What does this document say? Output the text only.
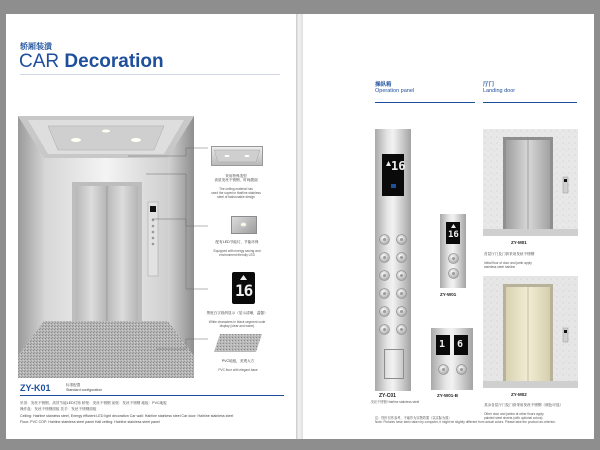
轿厢装潢
CAR Decoration

采用特殊造型
高质发丝不锈钢，时尚靓丽

The ceiling material has
used the superior Hairline stainless
steel of fashionable design

配有LED节能灯，节能环保

Equipped with energy saving and
environment friendly LED

16

黑底白字段码显示（显示清晰，温馨）

White characters in black segment code
display (clear and warm)

PVC地板，美观大方

PVC floor with elegant base

ZY-K01	标准配置
Standard configuration
吊顶：发丝不锈钢，高效节能LED灯饰 轿壁：发丝不锈钢 前壁：发丝不锈钢 地板：PVC地板
操作盘：发丝不锈钢面板 扶手：发丝不锈钢面板
Ceiling: Hairline stainless steel, Energy efficient LED light decoration Car wall: Hairline stainless steel Car door: Hairline stainless steel
Floor: PVC COP: Hairline stainless steel panel Hall ceiling: Hairline stainless steel panel
操纵箱
Operation panel
厅门
Landing door
16
ZY-C01
发丝不锈钢 Hairline stainless steel
16
ZY-W01
1 6
ZY-W01-B
ZY-M01

首层厅门及门套采用发丝不锈钢

Initial floor of door and jamb apply
stainless steel hairline

ZY-M02

其余各层厅门及门套采用发丝不锈钢（颜色可选）

Other door and jambs at other floors apply
painted steel sheets (with optional colors)

注：图片仅作参考，不能作为实物效果（以实际为准）
Note: Pictures have been taken by computer, it might be slightly different from actual colors. Please take the product as criterion.
